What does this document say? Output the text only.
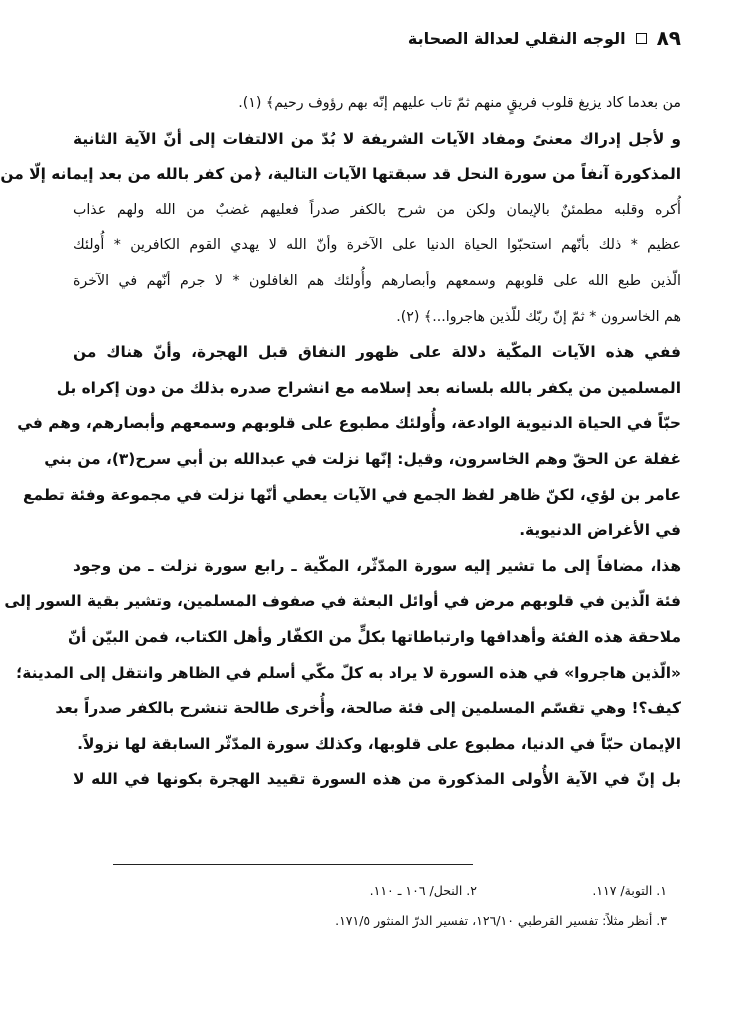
٨٩
الوجه النقلي لعدالة الصحابة
من بعدما كاد يزيغ قلوب فريقٍ منهم ثمّ تاب عليهم إنّه بهم رؤوف رحيم﴾ (١).
و لأجل إدراك معنىً ومفاد الآيات الشريفة لا بُدّ من الالتفات إلى أنّ الآية الثانية
المذكورة آنفاً من سورة النحل قد سبقتها الآيات التالية، ﴿من كفر بالله من بعد إيمانه إلّا من
أُكره وقلبه مطمئنٌ بالإيمان ولكن من شرح بالكفر صدراً فعليهم غضبٌ من الله ولهم عذاب
عظيم * ذلك بأنّهم استحبّوا الحياة الدنيا على الآخرة وأنّ الله لا يهدي القوم الكافرين * أُولئك
الّذين طبع الله على قلوبهم وسمعهم وأبصارهم وأُولئك هم الغافلون * لا جرم أنّهم في الآخرة
هم الخاسرون * ثمّ إنّ ربّك للّذين هاجروا...﴾ (٢).
ففي هذه الآيات المكّية دلالة على ظهور النفاق قبل الهجرة، وأنّ هناك من
المسلمين من يكفر بالله بلسانه بعد إسلامه مع انشراح صدره بذلك من دون إكراه بل
حبّاً في الحياة الدنيوية الوادعة، وأُولئك مطبوع على قلوبهم وسمعهم وأبصارهم، وهم في
غفلة عن الحقّ وهم الخاسرون، وقيل: إنّها نزلت في عبدالله بن أبي سرح(٣)، من بني
عامر بن لؤي، لكنّ ظاهر لفظ الجمع في الآيات يعطي أنّها نزلت في مجموعة وفئة تطمع
في الأغراض الدنيوية.
هذا، مضافاً إلى ما تشير إليه سورة المدّثّر، المكّية ـ رابع سورة نزلت ـ من وجود
فئة الّذين في قلوبهم مرض في أوائل البعثة في صفوف المسلمين، وتشير بقية السور إلى
ملاحقة هذه الفئة وأهدافها وارتباطاتها بكلٍّ من الكفّار وأهل الكتاب، فمن البيّن أنّ
«الّذين هاجروا» في هذه السورة لا يراد به كلّ مكّي أسلم في الظاهر وانتقل إلى المدينة؛
كيف؟! وهي تقسّم المسلمين إلى فئة صالحة، وأُخرى طالحة تنشرح بالكفر صدراً بعد
الإيمان حبّاً في الدنيا، مطبوع على قلوبها، وكذلك سورة المدّثّر السابقة لها نزولاً.
بل إنّ في الآية الأُولى المذكورة من هذه السورة تقييد الهجرة بكونها في الله لا
١. التوبة/ ١١٧.
٢. النحل/ ١٠٦ ـ ١١٠.
٣. أنظر مثلاً: تفسير القرطبي ١٢٦/١٠، تفسير الدرّ المنثور ١٧١/٥.
